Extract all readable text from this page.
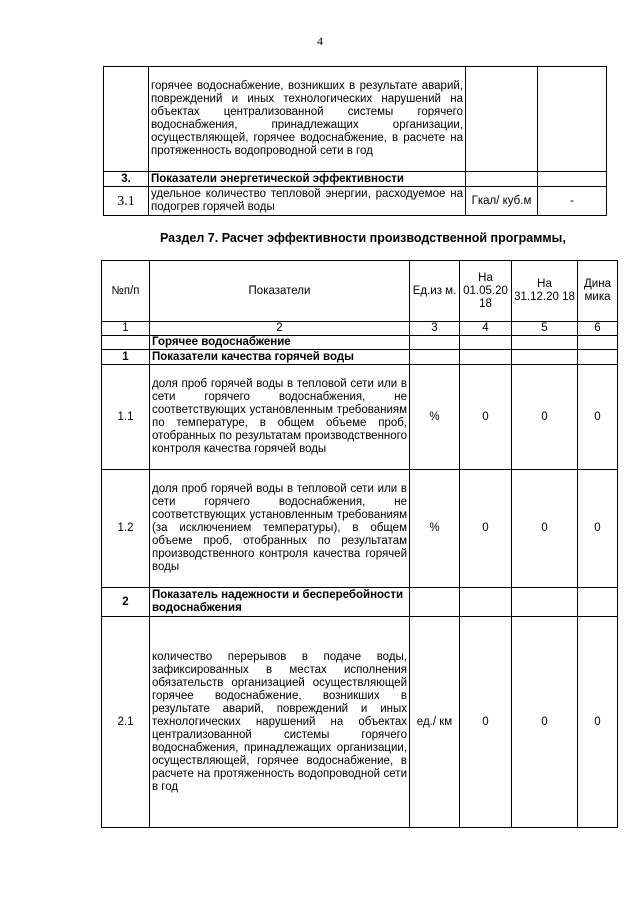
4
	горячее водоснабжение, возникших в результате аварий, повреждений и иных технологических нарушений на объектах централизованной системы горячего водоснабжения, принадлежащих организации, осуществляющей, горячее водоснабжение, в расчете на протяженность водопроводной сети в год		
3.	Показатели энергетической эффективности		
3.1	удельное количество тепловой энергии, расходуемое на подогрев горячей воды	Гкал/ куб.м	-
Раздел 7. Расчет эффективности производственной программы,
№п/п	Показатели	Ед.из м.	На 01.05.20 18	На 31.12.20 18	Дина мика
1	2	3	4	5	6
	Горячее водоснабжение				
1	Показатели качества горячей воды				
1.1	доля проб горячей воды в тепловой сети или в сети горячего водоснабжения, не соответствующих установленным требованиям по температуре, в общем объеме проб, отобранных по результатам производственного контроля качества горячей воды	%	0	0	0
1.2	доля проб горячей воды в тепловой сети или в сети горячего водоснабжения, не соответствующих установленным требованиям (за исключением температуры), в общем объеме проб, отобранных по результатам производственного контроля качества горячей воды	%	0	0	0
2	Показатель надежности и бесперебойности водоснабжения				
2.1	количество перерывов в подаче воды, зафиксированных в местах исполнения обязательств организацией осуществляющей горячее водоснабжение, возникших в результате аварий, повреждений и иных технологических нарушений на объектах централизованной системы горячего водоснабжения, принадлежащих организации, осуществляющей, горячее водоснабжение, в расчете на протяженность водопроводной сети в год	ед./ км	0	0	0
